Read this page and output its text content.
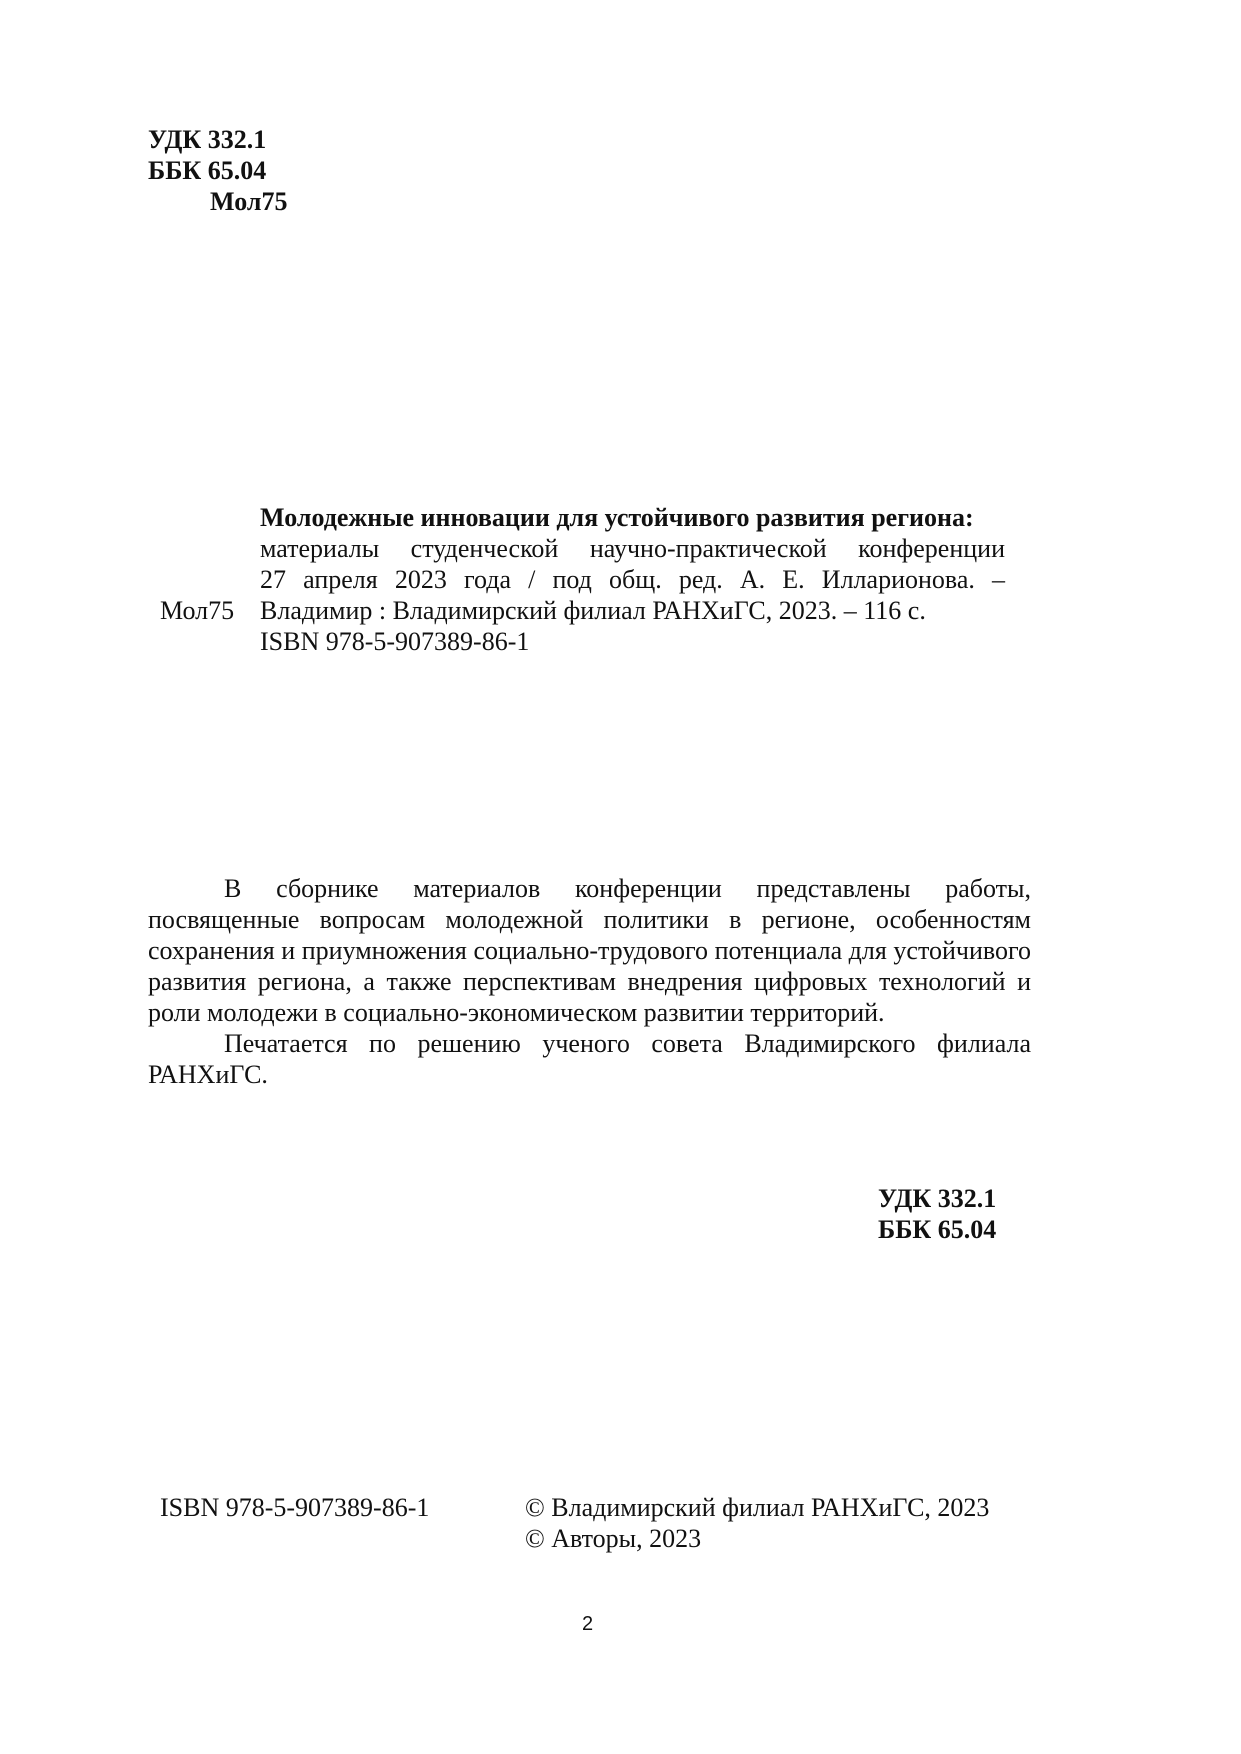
УДК 332.1
ББК 65.04
Мол75
Мол75
Молодежные инновации для устойчивого развития региона:
материалы студенческой научно-практической конференции
27 апреля 2023 года / под общ. ред. А. Е. Илларионова. –
Владимир : Владимирский филиал РАНХиГС, 2023. – 116 с.
ISBN 978-5-907389-86-1

В сборнике материалов конференции представлены работы, посвященные вопросам молодежной политики в регионе, особенностям сохранения и приумножения социально-трудового потенциала для устойчивого развития региона, а также перспективам внедрения цифровых технологий и роли молодежи в социально-экономическом развитии территорий.

Печатается по решению ученого совета Владимирского филиала РАНХиГС.

УДК 332.1
ББК 65.04
ISBN 978-5-907389-86-1	© Владимирский филиал РАНХиГС, 2023
© Авторы, 2023
2
